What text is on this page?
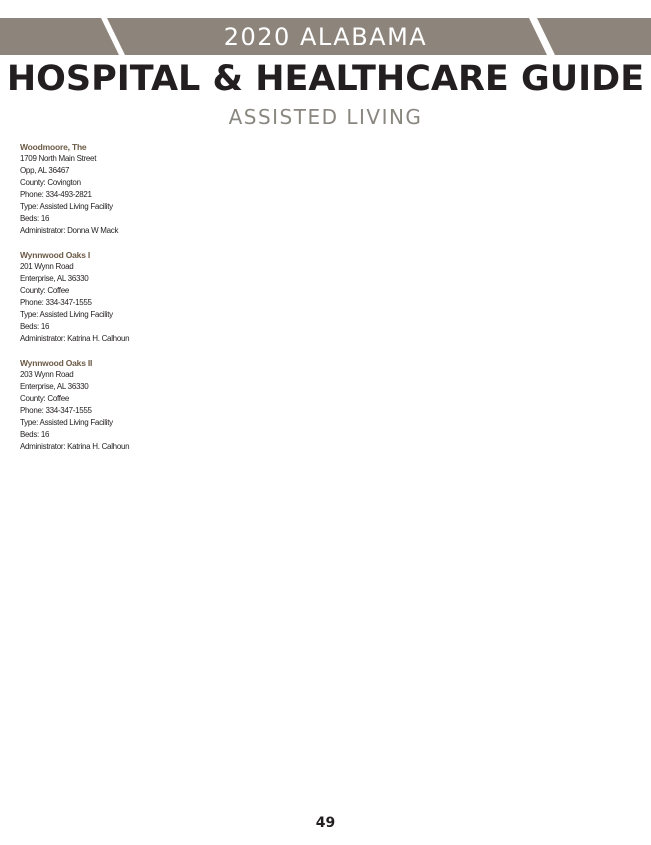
2020 ALABAMA
HOSPITAL & HEALTHCARE GUIDE
ASSISTED LIVING
Woodmoore, The
1709 North Main Street
Opp, AL 36467
County: Covington
Phone: 334-493-2821
Type: Assisted Living Facility
Beds: 16
Administrator: Donna W Mack
Wynnwood Oaks I
201 Wynn Road
Enterprise, AL 36330
County: Coffee
Phone: 334-347-1555
Type: Assisted Living Facility
Beds: 16
Administrator: Katrina H. Calhoun
Wynnwood Oaks II
203 Wynn Road
Enterprise, AL 36330
County: Coffee
Phone: 334-347-1555
Type: Assisted Living Facility
Beds: 16
Administrator: Katrina H. Calhoun
49
